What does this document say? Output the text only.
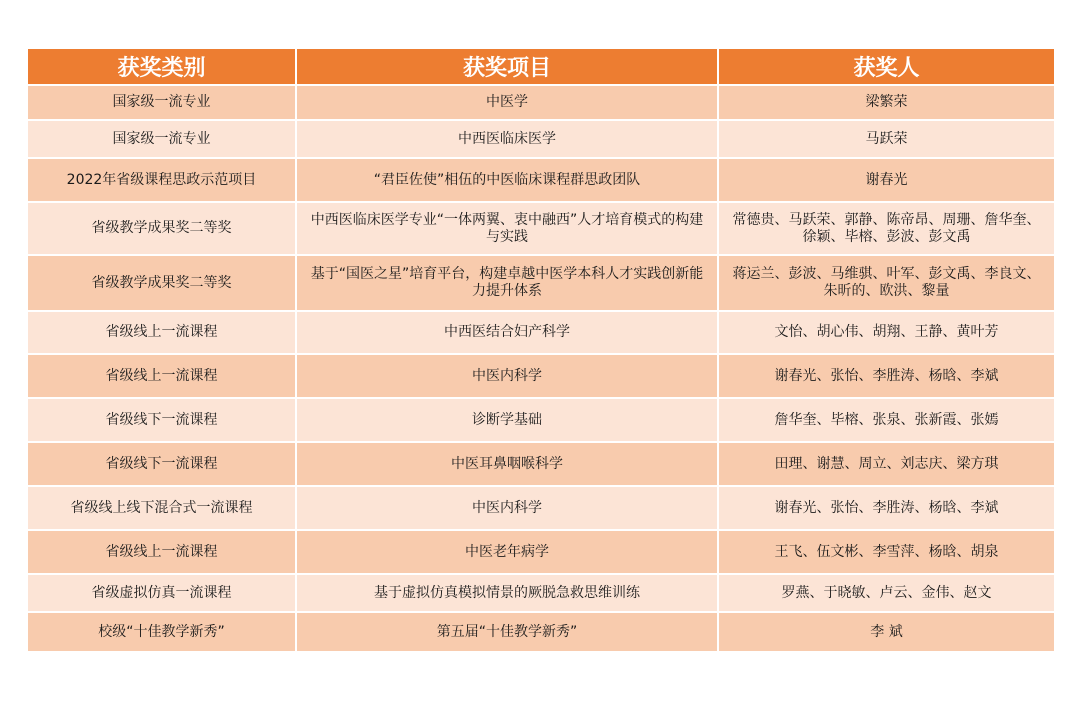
获奖类别	获奖项目	获奖人
国家级一流专业	中医学	梁繁荣
国家级一流专业	中西医临床医学	马跃荣
2022年省级课程思政示范项目	“君臣佐使”相伍的中医临床课程群思政团队	谢春光
省级教学成果奖二等奖	中西医临床医学专业“一体两翼、衷中融西”人才培育模式的构建与实践	常德贵、马跃荣、郭静、陈帝昂、周珊、詹华奎、徐颖、毕榕、彭波、彭文禹
省级教学成果奖二等奖	基于“国医之星”培育平台，构建卓越中医学本科人才实践创新能力提升体系	蒋运兰、彭波、马维骐、叶军、彭文禹、李良文、朱昕的、欧洪、黎量
省级线上一流课程	中西医结合妇产科学	文怡、胡心伟、胡翔、王静、黄叶芳
省级线上一流课程	中医内科学	谢春光、张怡、李胜涛、杨晗、李斌
省级线下一流课程	诊断学基础	詹华奎、毕榕、张泉、张新霞、张嫣
省级线下一流课程	中医耳鼻咽喉科学	田理、谢慧、周立、刘志庆、梁方琪
省级线上线下混合式一流课程	中医内科学	谢春光、张怡、李胜涛、杨晗、李斌
省级线上一流课程	中医老年病学	王飞、伍文彬、李雪萍、杨晗、胡泉
省级虚拟仿真一流课程	基于虚拟仿真模拟情景的厥脱急救思维训练	罗燕、于晓敏、卢云、金伟、赵文
校级“十佳教学新秀”	第五届“十佳教学新秀”	李 斌
